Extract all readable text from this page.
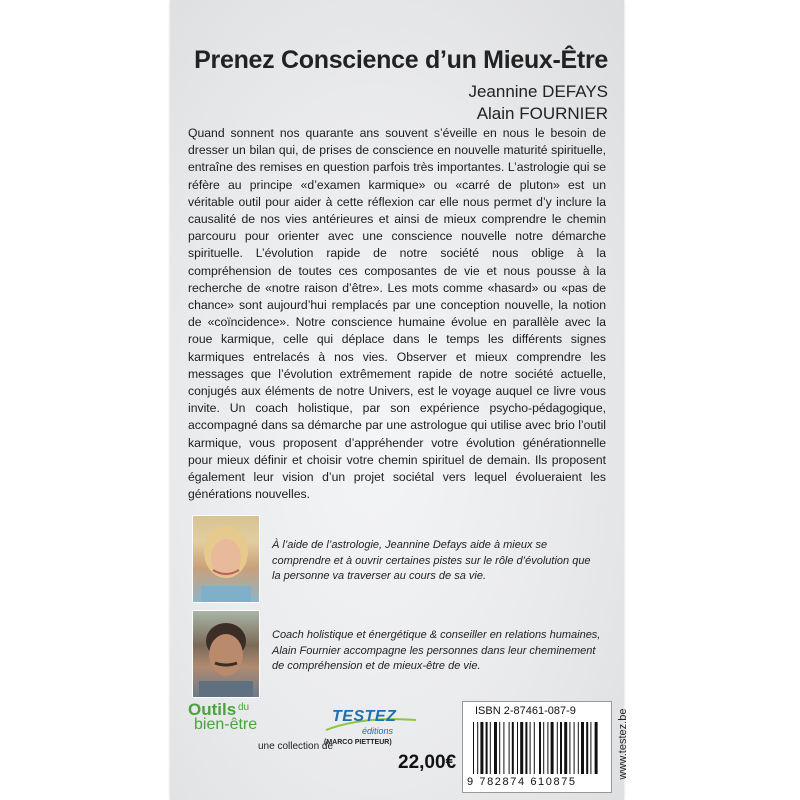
Prenez Conscience d’un Mieux-Être
Jeannine DEFAYS
Alain FOURNIER
Quand sonnent nos quarante ans souvent s’éveille en nous le besoin de dresser un bilan qui, de prises de conscience en nouvelle maturité spirituelle, entraîne des remises en question parfois très importantes. L’astrologie qui se réfère au principe «d’examen karmique» ou «carré de pluton» est un véritable outil pour aider à cette réflexion car elle nous permet d’y inclure la causalité de nos vies antérieures et ainsi de mieux comprendre le chemin parcouru pour orienter avec une conscience nouvelle notre démarche spirituelle. L’évolution rapide de notre société nous oblige à la compréhension de toutes ces composantes de vie et nous pousse à la recherche de «notre raison d’être». Les mots comme «hasard» ou «pas de chance» sont aujourd’hui remplacés par une conception nouvelle, la notion de «coïncidence». Notre conscience humaine évolue en parallèle avec la roue karmique, celle qui déplace dans le temps les différents signes karmiques entrelacés à nos vies. Observer et mieux comprendre les messages que l’évolution extrêmement rapide de notre société actuelle, conjugés aux éléments de notre Univers, est le voyage auquel ce livre vous invite. Un coach holistique, par son expérience psycho-pédagogique, accompagné dans sa démarche par une astrologue qui utilise avec brio l’outil karmique, vous proposent d’appréhender votre évolution générationnelle pour mieux définir et choisir votre chemin spirituel de demain. Ils proposent également leur vision d’un projet sociétal vers lequel évolueraient les générations nouvelles.
À l’aide de l’astrologie, Jeannine Defays aide à mieux se comprendre et à ouvrir certaines pistes sur le rôle d’évolution que la personne va traverser au cours de sa vie.
Coach holistique et énergétique & conseiller en relations humaines, Alain Fournier accompagne les personnes dans leur cheminement de compréhension et de mieux-être de vie.
Outils du
bien-être
une collection de
TESTEZ
éditions
(MARCO PIETTEUR)
22,00€
ISBN 2-87461-087-9
9 782874 610875
www.testez.be
